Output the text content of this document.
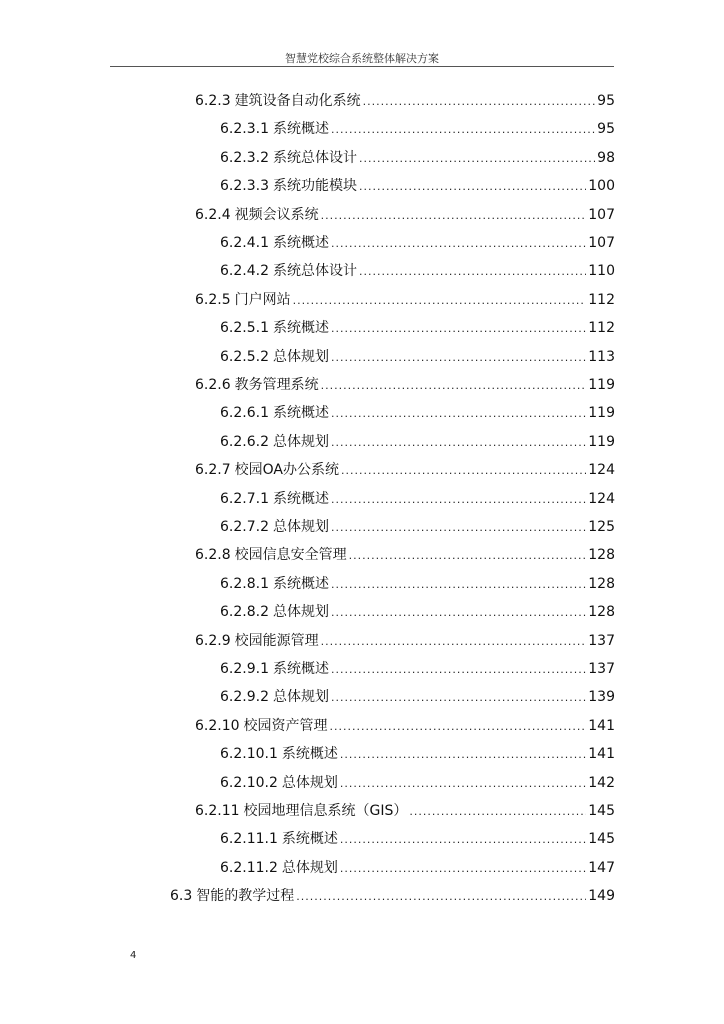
智慧党校综合系统整体解决方案
6.2.3 建筑设备自动化系统 .....	95
6.2.3.1 系统概述 .....	95
6.2.3.2 系统总体设计 .....	98
6.2.3.3 系统功能模块 .....	100
6.2.4 视频会议系统 .....	107
6.2.4.1 系统概述 .....	107
6.2.4.2 系统总体设计 .....	110
6.2.5 门户网站 .....	112
6.2.5.1 系统概述 .....	112
6.2.5.2 总体规划 .....	113
6.2.6 教务管理系统 .....	119
6.2.6.1 系统概述 .....	119
6.2.6.2 总体规划 .....	119
6.2.7 校园OA办公系统 .....	124
6.2.7.1 系统概述 .....	124
6.2.7.2 总体规划 .....	125
6.2.8 校园信息安全管理 .....	128
6.2.8.1 系统概述 .....	128
6.2.8.2 总体规划 .....	128
6.2.9 校园能源管理 .....	137
6.2.9.1 系统概述 .....	137
6.2.9.2 总体规划 .....	139
6.2.10 校园资产管理 .....	141
6.2.10.1 系统概述 .....	141
6.2.10.2 总体规划 .....	142
6.2.11 校园地理信息系统（GIS） .....	145
6.2.11.1 系统概述 .....	145
6.2.11.2 总体规划 .....	147
6.3 智能的教学过程 .....	149
4
